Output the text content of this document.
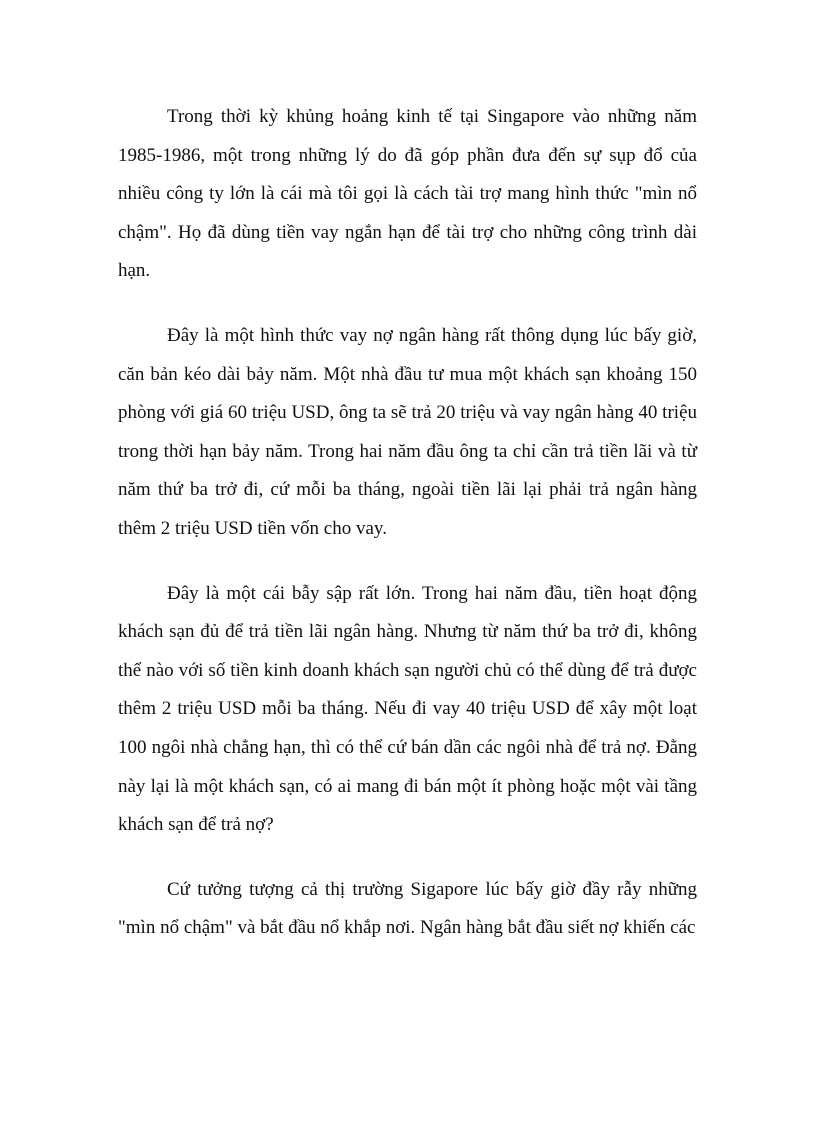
Trong thời kỳ khủng hoảng kinh tế tại Singapore vào những năm 1985-1986, một trong những lý do đã góp phần đưa đến sự sụp đổ của nhiều công ty lớn là cái mà tôi gọi là cách tài trợ mang hình thức "mìn nổ chậm". Họ đã dùng tiền vay ngắn hạn để tài trợ cho những công trình dài hạn.

Đây là một hình thức vay nợ ngân hàng rất thông dụng lúc bấy giờ, căn bản kéo dài bảy năm. Một nhà đầu tư mua một khách sạn khoảng 150 phòng với giá 60 triệu USD, ông ta sẽ trả 20 triệu và vay ngân hàng 40 triệu trong thời hạn bảy năm. Trong hai năm đầu ông ta chỉ cần trả tiền lãi và từ năm thứ ba trở đi, cứ mỗi ba tháng, ngoài tiền lãi lại phải trả ngân hàng thêm 2 triệu USD tiền vốn cho vay.

Đây là một cái bẫy sập rất lớn. Trong hai năm đầu, tiền hoạt động khách sạn đủ để trả tiền lãi ngân hàng. Nhưng từ năm thứ ba trở đi, không thể nào với số tiền kinh doanh khách sạn người chủ có thể dùng để trả được thêm 2 triệu USD mỗi ba tháng. Nếu đi vay 40 triệu USD để xây một loạt 100 ngôi nhà chẳng hạn, thì có thể cứ bán dần các ngôi nhà để trả nợ. Đằng này lại là một khách sạn, có ai mang đi bán một ít phòng hoặc một vài tầng khách sạn để trả nợ?

Cứ tưởng tượng cả thị trường Sigapore lúc bấy giờ đầy rẫy những "mìn nổ chậm" và bắt đầu nổ khắp nơi. Ngân hàng bắt đầu siết nợ khiến các
